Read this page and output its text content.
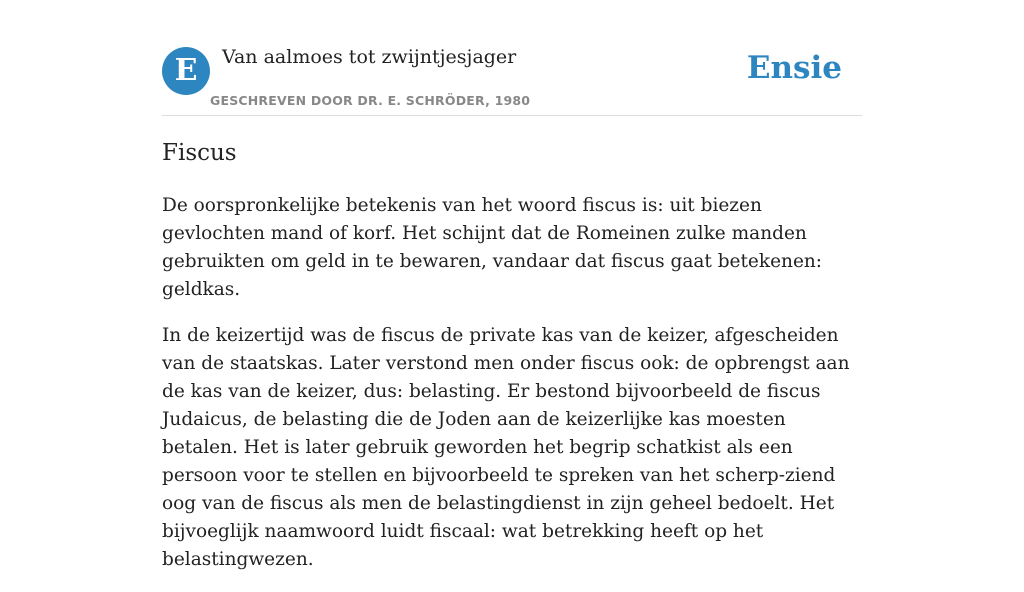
E Van aalmoes tot zwijntjesjager
GESCHREVEN DOOR DR. E. SCHRÖDER, 1980
Ensie
Fiscus

De oorspronkelijke betekenis van het woord fiscus is: uit biezen gevlochten mand of korf. Het schijnt dat de Romeinen zulke manden gebruikten om geld in te bewaren, vandaar dat fiscus gaat betekenen: geldkas.

In de keizertijd was de fiscus de private kas van de keizer, afgescheiden van de staatskas. Later verstond men onder fiscus ook: de opbrengst aan de kas van de keizer, dus: belasting. Er bestond bijvoorbeeld de fiscus Judaicus, de belasting die de Joden aan de keizerlijke kas moesten betalen. Het is later gebruik geworden het begrip schatkist als een persoon voor te stellen en bijvoorbeeld te spreken van het scherp-ziend oog van de fiscus als men de belastingdienst in zijn geheel bedoelt. Het bijvoeglijk naamwoord luidt fiscaal: wat betrekking heeft op het belastingwezen.
